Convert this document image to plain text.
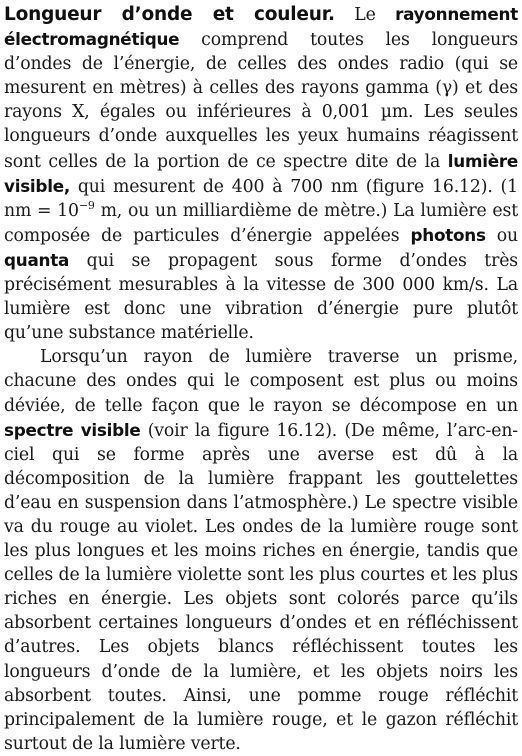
Longueur d’onde et couleur. Le rayonnement électromagnétique comprend toutes les longueurs d’ondes de l’énergie, de celles des ondes radio (qui se mesurent en mètres) à celles des rayons gamma (γ) et des rayons X, égales ou inférieures à 0,001 µm. Les seules longueurs d’onde auxquelles les yeux humains réagissent sont celles de la portion de ce spectre dite de la lumière visible, qui mesurent de 400 à 700 nm (figure 16.12). (1 nm = $10^{-9}$ m, ou un milliardième de mètre.) La lumière est composée de particules d’énergie appelées photons ou quanta qui se propagent sous forme d’ondes très précisément mesurables à la vitesse de 300 000 km/s. La lumière est donc une vibration d’énergie pure plutôt qu’une substance matérielle.

Lorsqu’un rayon de lumière traverse un prisme, chacune des ondes qui le composent est plus ou moins déviée, de telle façon que le rayon se décompose en un spectre visible (voir la figure 16.12). (De même, l’arc-en-ciel qui se forme après une averse est dû à la décomposition de la lumière frappant les gouttelettes d’eau en suspension dans l’atmosphère.) Le spectre visible va du rouge au violet. Les ondes de la lumière rouge sont les plus longues et les moins riches en énergie, tandis que celles de la lumière violette sont les plus courtes et les plus riches en énergie. Les objets sont colorés parce qu’ils absorbent certaines longueurs d’ondes et en réfléchissent d’autres. Les objets blancs réfléchissent toutes les longueurs d’onde de la lumière, et les objets noirs les absorbent toutes. Ainsi, une pomme rouge réfléchit principalement de la lumière rouge, et le gazon réfléchit surtout de la lumière verte.
